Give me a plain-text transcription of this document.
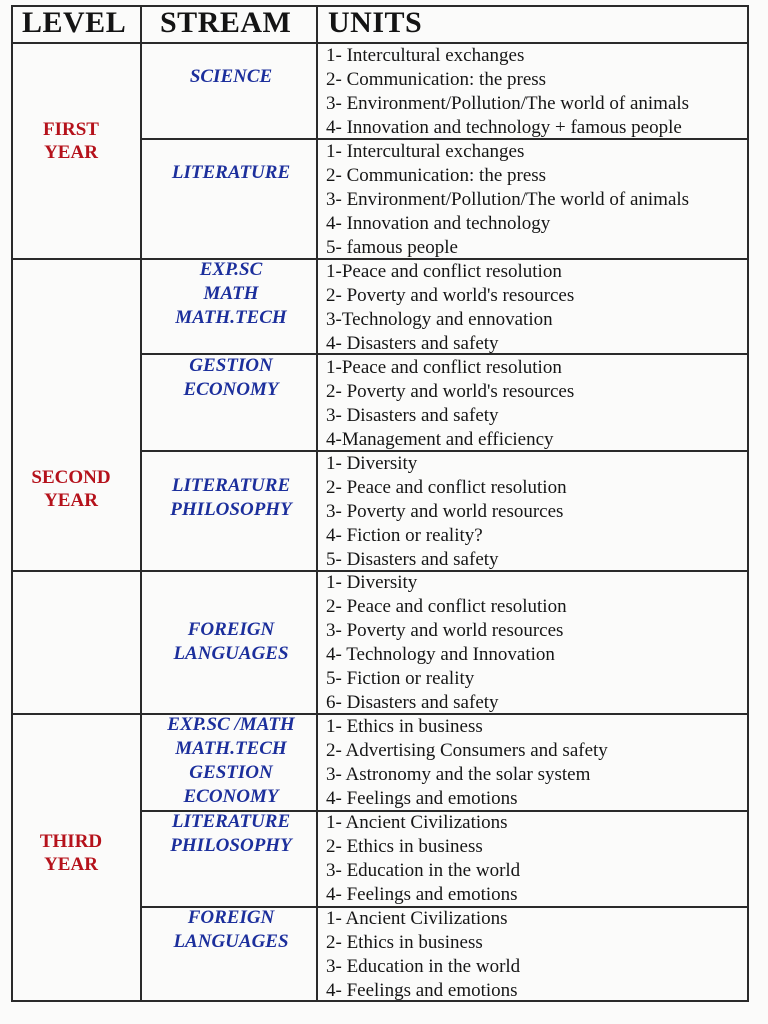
LEVEL STREAM UNITS
FIRST
YEAR
SECOND
YEAR
THIRD
YEAR
SCIENCE
1- Intercultural exchanges
2- Communication: the press
3- Environment/Pollution/The world of animals
4- Innovation and technology + famous people
LITERATURE
1- Intercultural exchanges
2- Communication: the press
3- Environment/Pollution/The world of animals
4- Innovation and technology
5- famous people
EXP.SC
MATH
MATH.TECH
1-Peace and conflict resolution
2- Poverty and world's resources
3-Technology and ennovation
4- Disasters and safety
GESTION
ECONOMY
1-Peace and conflict resolution
2- Poverty and world's resources
3- Disasters and safety
4-Management and efficiency
LITERATURE
PHILOSOPHY
1- Diversity
2- Peace and conflict resolution
3- Poverty and world resources
4- Fiction or reality?
5- Disasters and safety
FOREIGN
LANGUAGES
1- Diversity
2- Peace and conflict resolution
3- Poverty and world resources
4- Technology and Innovation
5- Fiction or reality
6- Disasters and safety
EXP.SC /MATH
MATH.TECH
GESTION
ECONOMY
1- Ethics in business
2- Advertising Consumers and safety
3- Astronomy and the solar system
4- Feelings and emotions
LITERATURE
PHILOSOPHY
1- Ancient Civilizations
2- Ethics in business
3- Education in the world
4- Feelings and emotions
FOREIGN
LANGUAGES
1- Ancient Civilizations
2- Ethics in business
3- Education in the world
4- Feelings and emotions
